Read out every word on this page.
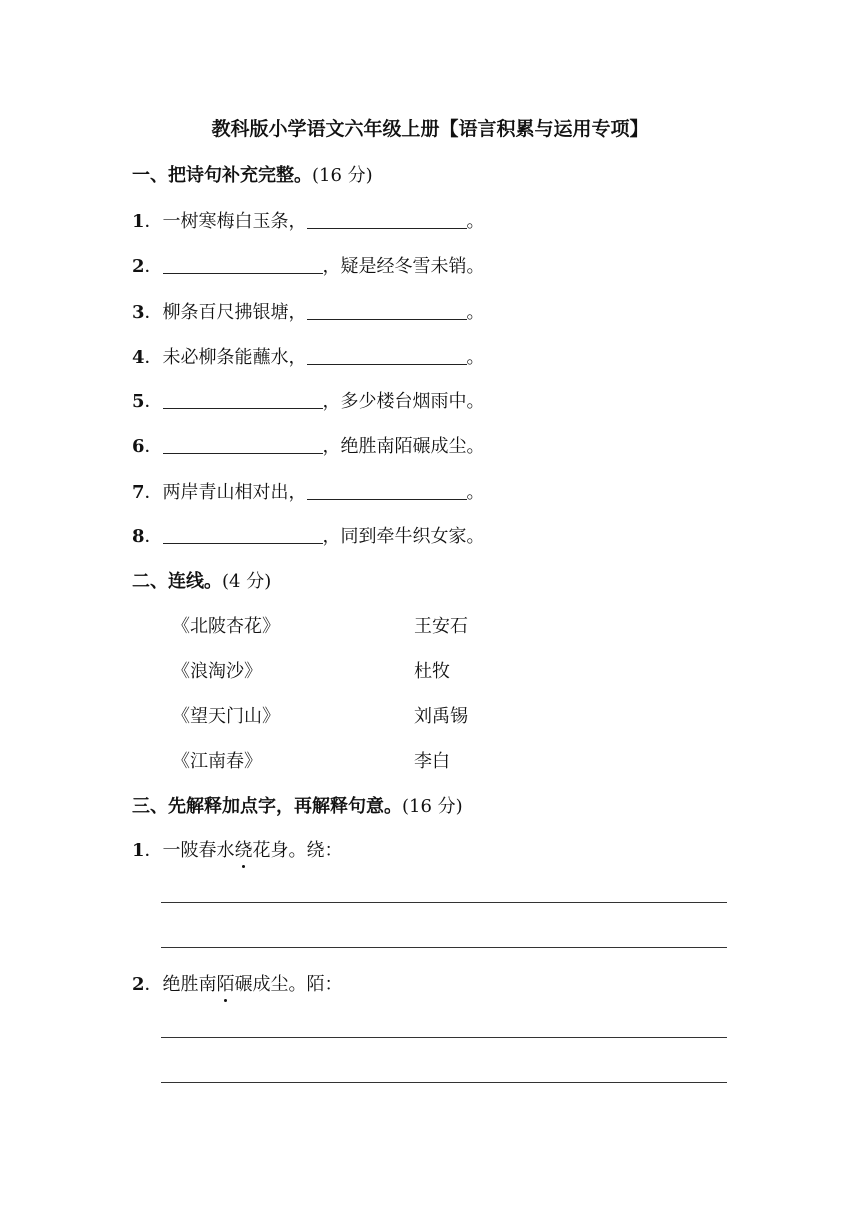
教科版小学语文六年级上册【语言积累与运用专项】
一、把诗句补充完整。(16 分)
1．一树寒梅白玉条，	。
2．	，疑是经冬雪未销。
3．柳条百尺拂银塘，	。
4．未必柳条能蘸水，	。
5．	，多少楼台烟雨中。
6．	，绝胜南陌碾成尘。
7．两岸青山相对出，	。
8．	，同到牵牛织女家。
二、连线。(4 分)
《北陂杏花》	王安石
《浪淘沙》	杜牧
《望天门山》	刘禹锡
《江南春》	李白
三、先解释加点字，再解释句意。(16 分)
1．一陂春水绕花身。绕：
2．绝胜南陌碾成尘。陌：
